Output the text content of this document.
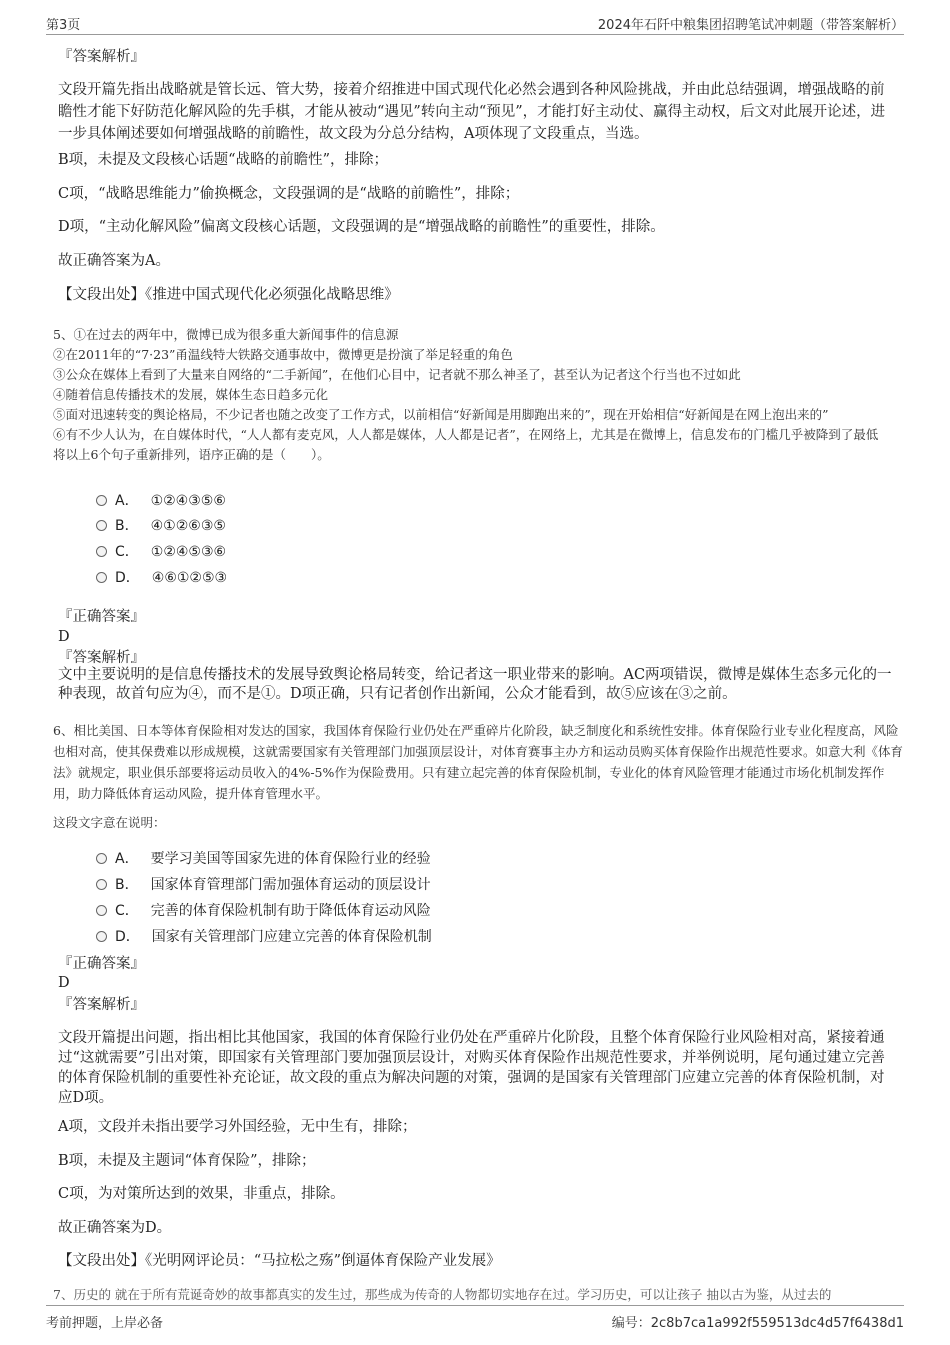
第3页	2024年石阡中粮集团招聘笔试冲刺题（带答案解析）
『答案解析』
文段开篇先指出战略就是管长远、管大势，接着介绍推进中国式现代化必然会遇到各种风险挑战，并由此总结强调，增强战略的前瞻性才能下好防范化解风险的先手棋，才能从被动“遇见”转向主动“预见”，才能打好主动仗、赢得主动权，后文对此展开论述，进一步具体阐述要如何增强战略的前瞻性，故文段为分总分结构，A项体现了文段重点，当选。
B项，未提及文段核心话题“战略的前瞻性”，排除；
C项，“战略思维能力”偷换概念，文段强调的是“战略的前瞻性”，排除；
D项，“主动化解风险”偏离文段核心话题，文段强调的是“增强战略的前瞻性”的重要性，排除。
故正确答案为A。
【文段出处】《推进中国式现代化必须强化战略思维》
5、①在过去的两年中，微博已成为很多重大新闻事件的信息源
②在2011年的“7·23”甬温线特大铁路交通事故中，微博更是扮演了举足轻重的角色
③公众在媒体上看到了大量来自网络的“二手新闻”，在他们心目中，记者就不那么神圣了，甚至认为记者这个行当也不过如此
④随着信息传播技术的发展，媒体生态日趋多元化
⑤面对迅速转变的舆论格局，不少记者也随之改变了工作方式，以前相信“好新闻是用脚跑出来的”，现在开始相信“好新闻是在网上泡出来的”
⑥有不少人认为，在自媒体时代，“人人都有麦克风，人人都是媒体，人人都是记者”，在网络上，尤其是在微博上，信息发布的门槛几乎被降到了最低
将以上6个句子重新排列，语序正确的是（　　）。
A． ①②④③⑤⑥
B． ④①②⑥③⑤
C． ①②④⑤③⑥
D． ④⑥①②⑤③
『正确答案』
D
『答案解析』
文中主要说明的是信息传播技术的发展导致舆论格局转变，给记者这一职业带来的影响。AC两项错误，微博是媒体生态多元化的一种表现，故首句应为④，而不是①。D项正确，只有记者创作出新闻，公众才能看到，故⑤应该在③之前。
6、相比美国、日本等体育保险相对发达的国家，我国体育保险行业仍处在严重碎片化阶段，缺乏制度化和系统性安排。体育保险行业专业化程度高，风险也相对高，使其保费难以形成规模，这就需要国家有关管理部门加强顶层设计，对体育赛事主办方和运动员购买体育保险作出规范性要求。如意大利《体育法》就规定，职业俱乐部要将运动员收入的4%-5%作为保险费用。只有建立起完善的体育保险机制，专业化的体育风险管理才能通过市场化机制发挥作用，助力降低体育运动风险，提升体育管理水平。
这段文字意在说明：
A． 要学习美国等国家先进的体育保险行业的经验
B． 国家体育管理部门需加强体育运动的顶层设计
C． 完善的体育保险机制有助于降低体育运动风险
D． 国家有关管理部门应建立完善的体育保险机制
『正确答案』
D
『答案解析』
文段开篇提出问题，指出相比其他国家，我国的体育保险行业仍处在严重碎片化阶段，且整个体育保险行业风险相对高，紧接着通过“这就需要”引出对策，即国家有关管理部门要加强顶层设计，对购买体育保险作出规范性要求，并举例说明，尾句通过建立完善的体育保险机制的重要性补充论证，故文段的重点为解决问题的对策，强调的是国家有关管理部门应建立完善的体育保险机制，对应D项。
A项，文段并未指出要学习外国经验，无中生有，排除；
B项，未提及主题词“体育保险”，排除；
C项，为对策所达到的效果，非重点，排除。
故正确答案为D。
【文段出处】《光明网评论员：“马拉松之殇”倒逼体育保险产业发展》
7、历史的 就在于所有荒诞奇妙的故事都真实的发生过，那些成为传奇的人物都切实地存在过。学习历史，可以让孩子 抽以古为鉴，从过去的
考前押题，上岸必备	编号：2c8b7ca1a992f559513dc4d57f6438d1
